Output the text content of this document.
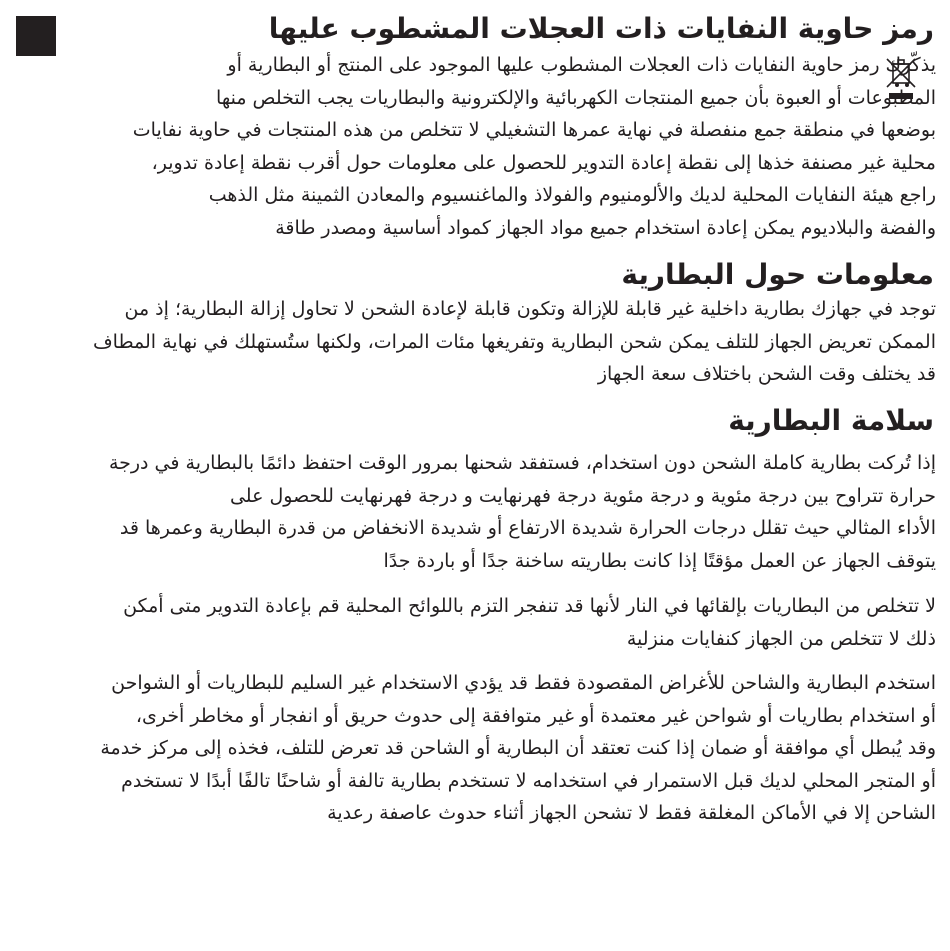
رمز حاوية النفايات ذات العجلات المشطوب عليها
يذكّرك رمز حاوية النفايات ذات العجلات المشطوب عليها الموجود على المنتج أو البطارية أو
المطبوعات أو العبوة بأن جميع المنتجات الكهربائية والإلكترونية والبطاريات يجب التخلص منها
بوضعها في منطقة جمع منفصلة في نهاية عمرها التشغيلي لا تتخلص من هذه المنتجات في حاوية نفايات
محلية غير مصنفة خذها إلى نقطة إعادة التدوير للحصول على معلومات حول أقرب نقطة إعادة تدوير،
راجع هيئة النفايات المحلية لديك والألومنيوم والفولاذ والماغنسيوم والمعادن الثمينة مثل الذهب
والفضة والبلاديوم يمكن إعادة استخدام جميع مواد الجهاز كمواد أساسية ومصدر طاقة
معلومات حول البطارية
توجد في جهازك بطارية داخلية غير قابلة للإزالة وتكون قابلة لإعادة الشحن لا تحاول إزالة البطارية؛ إذ من
الممكن تعريض الجهاز للتلف يمكن شحن البطارية وتفريغها مئات المرات، ولكنها ستُستهلك في نهاية المطاف
قد يختلف وقت الشحن باختلاف سعة الجهاز
سلامة البطارية
إذا تُركت بطارية كاملة الشحن دون استخدام، فستفقد شحنها بمرور الوقت احتفظ دائمًا بالبطارية في درجة
حرارة تتراوح بين درجة مئوية و درجة مئوية درجة فهرنهايت و درجة فهرنهايت للحصول على
الأداء المثالي حيث تقلل درجات الحرارة شديدة الارتفاع أو شديدة الانخفاض من قدرة البطارية وعمرها قد
يتوقف الجهاز عن العمل مؤقتًا إذا كانت بطاريته ساخنة جدًا أو باردة جدًا
لا تتخلص من البطاريات بإلقائها في النار لأنها قد تنفجر التزم باللوائح المحلية قم بإعادة التدوير متى أمكن
ذلك لا تتخلص من الجهاز كنفايات منزلية
استخدم البطارية والشاحن للأغراض المقصودة فقط قد يؤدي الاستخدام غير السليم للبطاريات أو الشواحن
أو استخدام بطاريات أو شواحن غير معتمدة أو غير متوافقة إلى حدوث حريق أو انفجار أو مخاطر أخرى،
وقد يُبطل أي موافقة أو ضمان إذا كنت تعتقد أن البطارية أو الشاحن قد تعرض للتلف، فخذه إلى مركز خدمة
أو المتجر المحلي لديك قبل الاستمرار في استخدامه لا تستخدم بطارية تالفة أو شاحنًا تالفًا أبدًا لا تستخدم
الشاحن إلا في الأماكن المغلقة فقط لا تشحن الجهاز أثناء حدوث عاصفة رعدية
